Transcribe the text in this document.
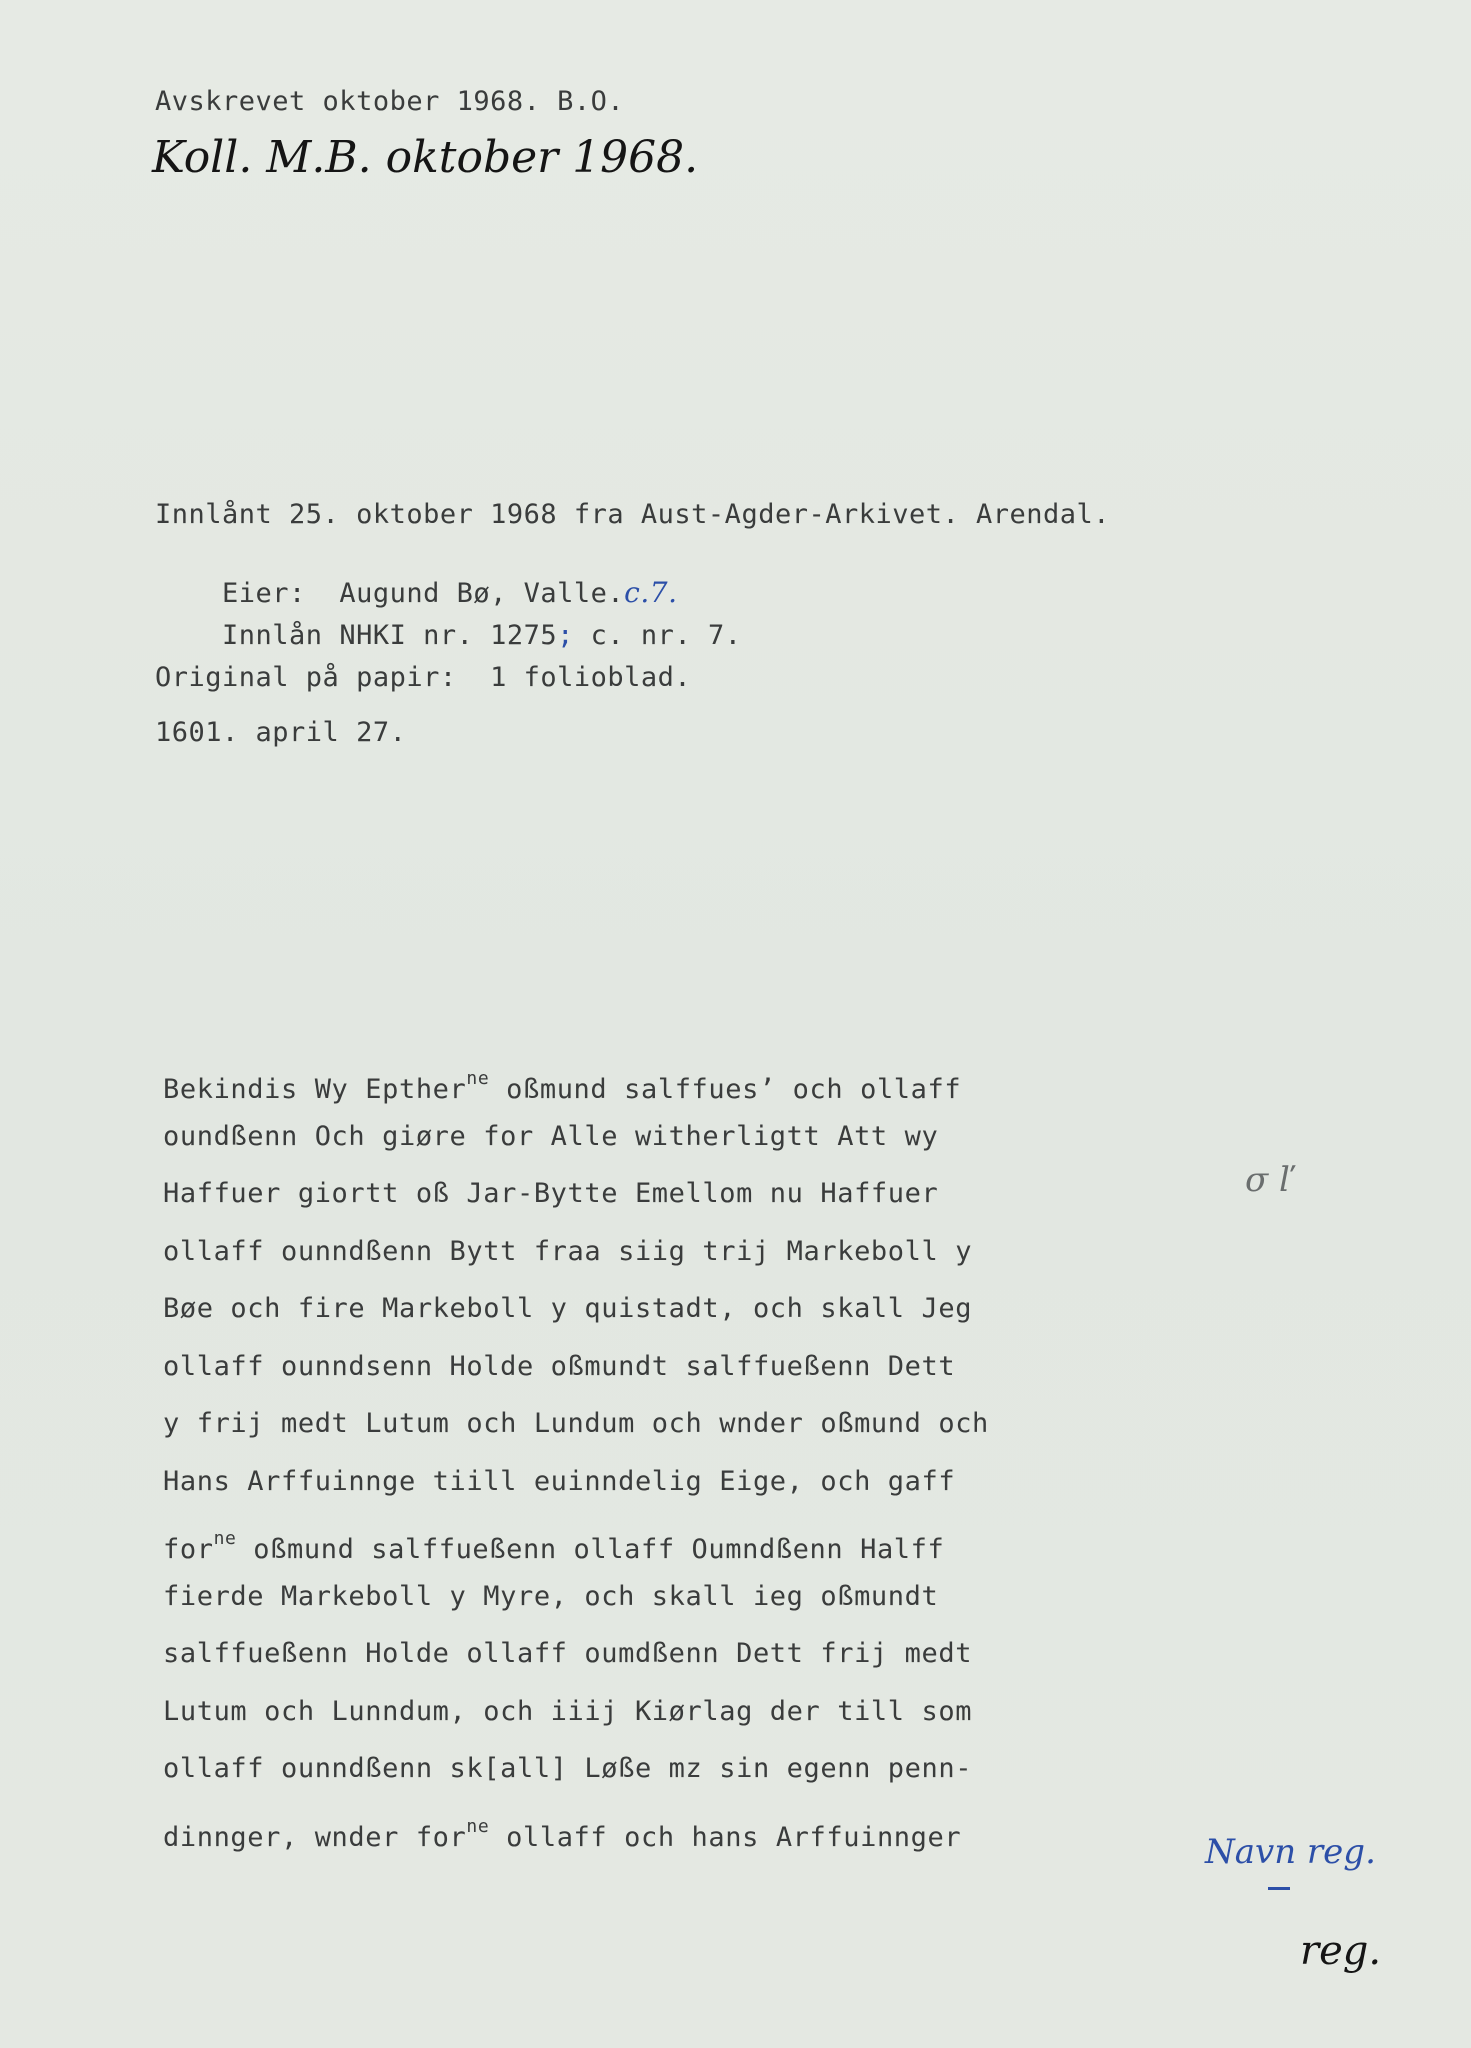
Avskrevet oktober 1968. B.O.
Koll. M.B. oktober 1968.
Innlånt 25. oktober 1968 fra Aust-Agder-Arkivet. Arendal.

Eier:  Augund Bø, Valle.c.7.

Innlån NHKI nr. 1275; c. nr. 7.

Original på papir:  1 folioblad.
1601. april 27.
Bekindis Wy Epther$^{ne}$ oßmund salffues’ och ollaff
oundßenn Och giøre for Alle witherligtt Att wy
Haffuer giortt oß Jar-Bytte Emellom nu Haffuer
ollaff ounndßenn Bytt fraa siig trij Markeboll y
Bøe och fire Markeboll y quistadt, och skall Jeg
ollaff ounndsenn Holde oßmundt salffueßenn Dett
y frij medt Lutum och Lundum och wnder oßmund och
Hans Arffuinnge tiill euinndelig Eige, och gaff
for$^{ne}$ oßmund salffueßenn ollaff Oumndßenn Halff
fierde Markeboll y Myre, och skall ieg oßmundt
salffueßenn Holde ollaff oumdßenn Dett frij medt
Lutum och Lunndum, och iiij Kiørlag der till som
ollaff ounndßenn sk[all] Løße mz sin egenn penn-
dinnger, wnder for$^{ne}$ ollaff och hans Arffuinnger
σ ľ
Navn reg.
reg.
